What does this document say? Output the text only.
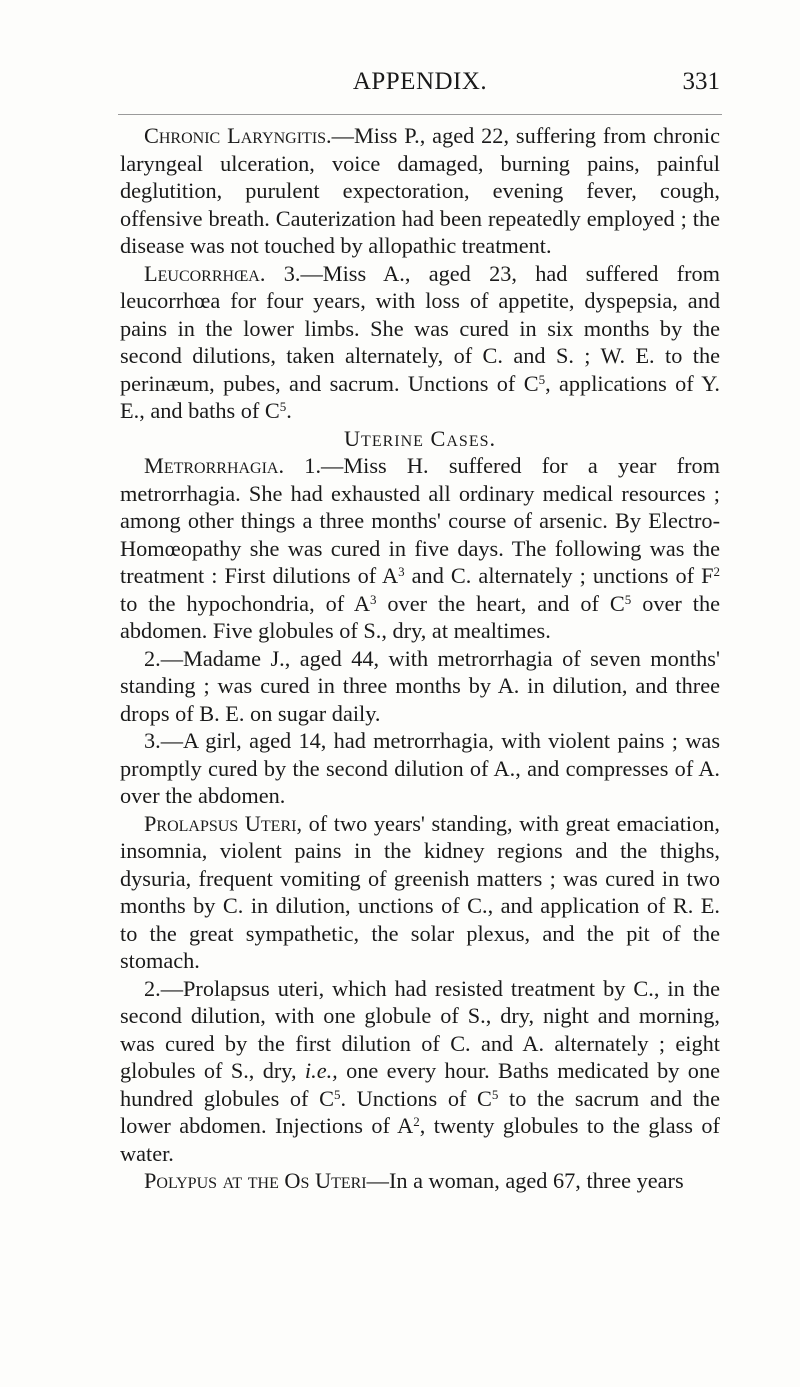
APPENDIX.	331

Chronic Laryngitis.—Miss P., aged 22, suffering from chronic laryngeal ulceration, voice damaged, burning pains, painful deglutition, purulent expectoration, evening fever, cough, offensive breath. Cauterization had been repeatedly employed ; the disease was not touched by allopathic treatment.

Leucorrhœa. 3.—Miss A., aged 23, had suffered from leucorrhœa for four years, with loss of appetite, dyspepsia, and pains in the lower limbs. She was cured in six months by the second dilutions, taken alternately, of C. and S. ; W. E. to the perinæum, pubes, and sacrum. Unctions of $C^5$, applications of Y. E., and baths of $C^5$.

Uterine Cases.

Metrorrhagia. 1.—Miss H. suffered for a year from metrorrhagia. She had exhausted all ordinary medical resources ; among other things a three months' course of arsenic. By Electro-Homœopathy she was cured in five days. The following was the treatment : First dilutions of $A^3$ and C. alternately ; unctions of $F^2$ to the hypochondria, of $A^3$ over the heart, and of $C^5$ over the abdomen. Five globules of S., dry, at mealtimes.

2.—Madame J., aged 44, with metrorrhagia of seven months' standing ; was cured in three months by A. in dilution, and three drops of B. E. on sugar daily.

3.—A girl, aged 14, had metrorrhagia, with violent pains ; was promptly cured by the second dilution of A., and compresses of A. over the abdomen.

Prolapsus Uteri, of two years' standing, with great emaciation, insomnia, violent pains in the kidney regions and the thighs, dysuria, frequent vomiting of greenish matters ; was cured in two months by C. in dilution, unctions of C., and application of R. E. to the great sympathetic, the solar plexus, and the pit of the stomach.

2.—Prolapsus uteri, which had resisted treatment by C., in the second dilution, with one globule of S., dry, night and morning, was cured by the first dilution of C. and A. alternately ; eight globules of S., dry, i.e., one every hour. Baths medicated by one hundred globules of $C^5$. Unctions of $C^5$ to the sacrum and the lower abdomen. Injections of $A^2$, twenty globules to the glass of water.

Polypus at the Os Uteri—In a woman, aged 67, three years
